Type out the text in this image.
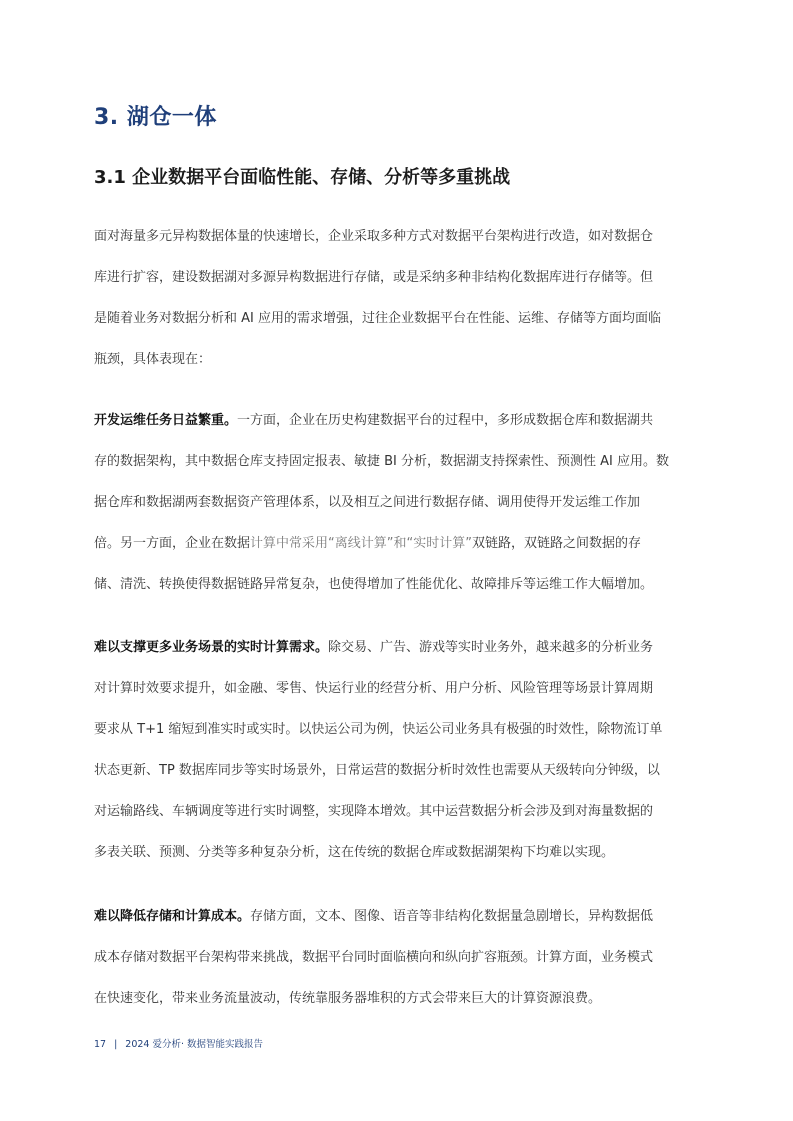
3. 湖仓一体
3.1 企业数据平台面临性能、存储、分析等多重挑战
面对海量多元异构数据体量的快速增长，企业采取多种方式对数据平台架构进行改造，如对数据仓
库进行扩容，建设数据湖对多源异构数据进行存储，或是采纳多种非结构化数据库进行存储等。但
是随着业务对数据分析和 AI 应用的需求增强，过往企业数据平台在性能、运维、存储等方面均面临
瓶颈，具体表现在：
开发运维任务日益繁重。一方面，企业在历史构建数据平台的过程中，多形成数据仓库和数据湖共
存的数据架构，其中数据仓库支持固定报表、敏捷 BI 分析，数据湖支持探索性、预测性 AI 应用。数
据仓库和数据湖两套数据资产管理体系，以及相互之间进行数据存储、调用使得开发运维工作加
倍。另一方面，企业在数据计算中常采用“离线计算”和“实时计算”双链路，双链路之间数据的存
储、清洗、转换使得数据链路异常复杂，也使得增加了性能优化、故障排斥等运维工作大幅增加。
难以支撑更多业务场景的实时计算需求。除交易、广告、游戏等实时业务外，越来越多的分析业务
对计算时效要求提升，如金融、零售、快运行业的经营分析、用户分析、风险管理等场景计算周期
要求从 T+1 缩短到准实时或实时。以快运公司为例，快运公司业务具有极强的时效性，除物流订单
状态更新、TP 数据库同步等实时场景外，日常运营的数据分析时效性也需要从天级转向分钟级，以
对运输路线、车辆调度等进行实时调整，实现降本增效。其中运营数据分析会涉及到对海量数据的
多表关联、预测、分类等多种复杂分析，这在传统的数据仓库或数据湖架构下均难以实现。
难以降低存储和计算成本。存储方面，文本、图像、语音等非结构化数据量急剧增长，异构数据低
成本存储对数据平台架构带来挑战，数据平台同时面临横向和纵向扩容瓶颈。计算方面，业务模式
在快速变化，带来业务流量波动，传统靠服务器堆积的方式会带来巨大的计算资源浪费。
17 | 2024 爱分析· 数据智能实践报告
